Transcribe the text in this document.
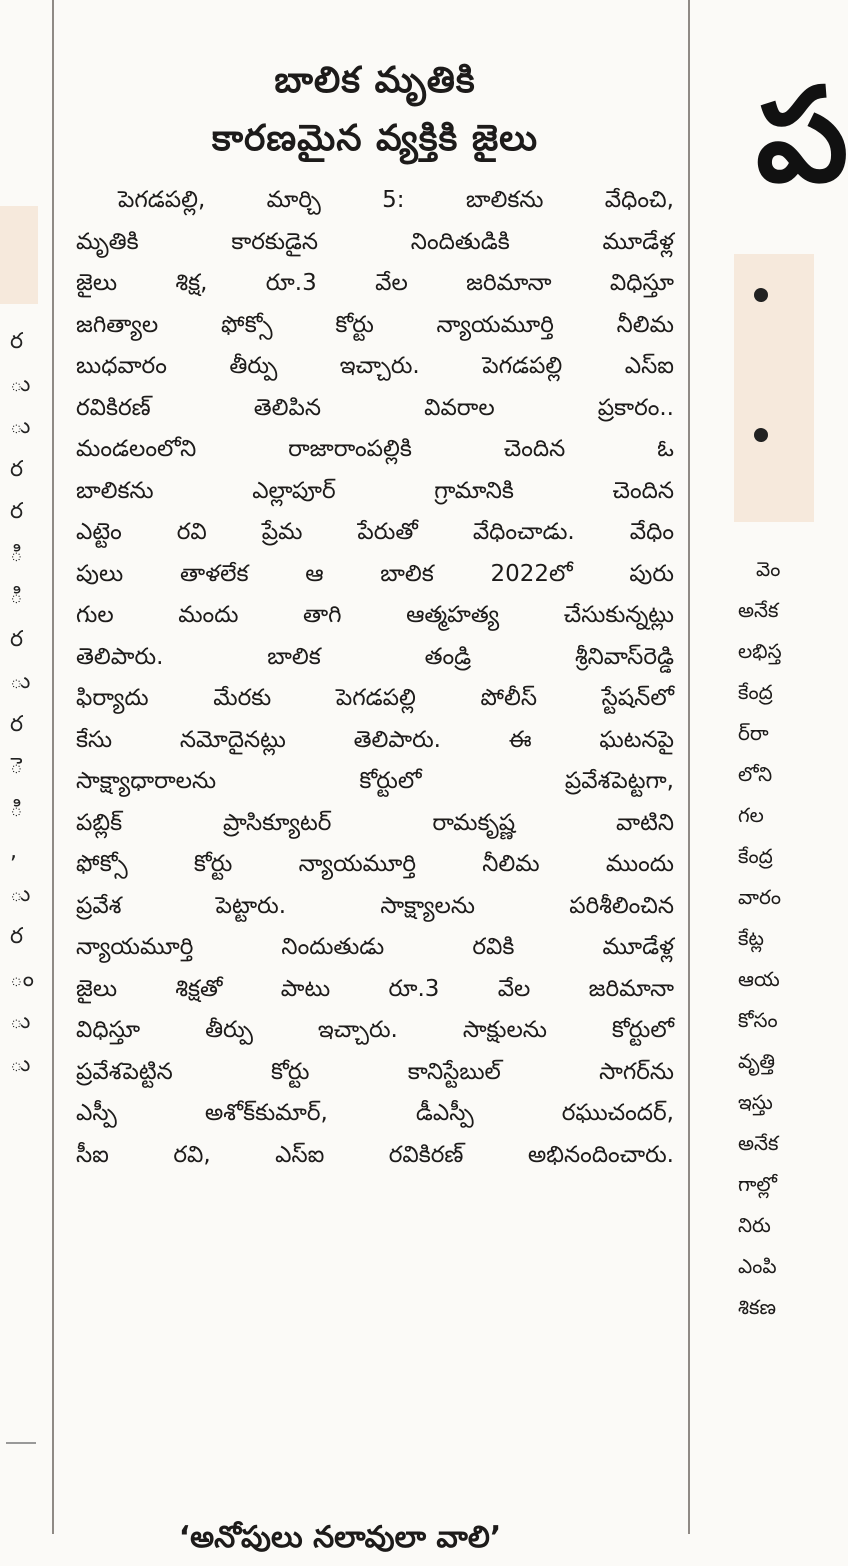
ర
ు
ు
ర
ర
ి
ి
ర
ు
ర
ె
ి
,
ు
ర
ం
ు
ు
బాలిక మృతికి
కారణమైన వ్యక్తికి జైలు
పెగడపల్లి, మార్చి 5: బాలికను వేధించి,
మృతికి కారకుడైన నిందితుడికి మూడేళ్ల
జైలు శిక్ష, రూ.3 వేల జరిమానా విధిస్తూ
జగిత్యాల ఫోక్సో కోర్టు న్యాయమూర్తి నీలిమ
బుధవారం తీర్పు ఇచ్చారు. పెగడపల్లి ఎస్ఐ
రవికిరణ్ తెలిపిన వివరాల ప్రకారం..
మండలంలోని రాజారాంపల్లికి చెందిన ఓ
బాలికను ఎల్లాపూర్ గ్రామానికి చెందిన
ఎట్టెం రవి ప్రేమ పేరుతో వేధించాడు. వేధిం
పులు తాళలేక ఆ బాలిక 2022లో పురు
గుల మందు తాగి ఆత్మహత్య చేసుకున్నట్లు
తెలిపారు. బాలిక తండ్రి శ్రీనివాస్‌రెడ్డి
ఫిర్యాదు మేరకు పెగడపల్లి పోలీస్ స్టేషన్‌లో
కేసు నమోదైనట్లు తెలిపారు. ఈ ఘటనపై
సాక్ష్యాధారాలను కోర్టులో ప్రవేశపెట్టగా,
పబ్లిక్ ప్రాసిక్యూటర్ రామకృష్ణ వాటిని
ఫోక్సో కోర్టు న్యాయమూర్తి నీలిమ ముందు
ప్రవేశ పెట్టారు. సాక్ష్యాలను పరిశీలించిన
న్యాయమూర్తి నిందుతుడు రవికి మూడేళ్ల
జైలు శిక్షతో పాటు రూ.3 వేల జరిమానా
విధిస్తూ తీర్పు ఇచ్చారు. సాక్షులను కోర్టులో
ప్రవేశపెట్టిన కోర్టు కానిస్టేబుల్ సాగర్‌ను
ఎస్పీ అశోక్‌కుమార్, డీఎస్పీ రఘుచందర్,
సీఐ రవి, ఎస్ఐ రవికిరణ్ అభినందించారు.
‘అనోపులు నలావులా వాలి’
ప
వెం
అనేక
లభిస్త
కేంద్ర
ర్‌రా
లోని
గల
కేంద్ర
వారం
కేట్ల
ఆయ
కోసం
వృత్తి
ఇస్తు
అనేక
గాల్లో
నిరు
ఎంపి
శికణ
